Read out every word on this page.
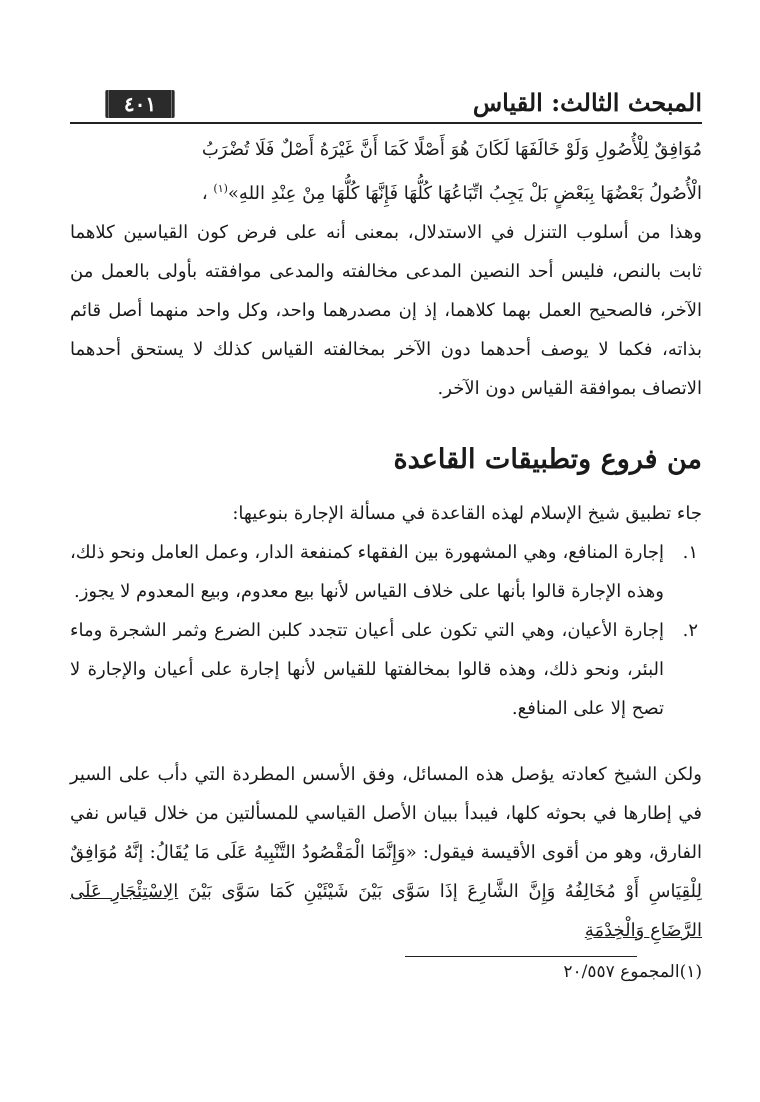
المبحث الثالث: القياس
٤٠١

مُوَافِقٌ لِلْأُصُولِ وَلَوْ خَالَفَهَا لَكَانَ هُوَ أَصْلًا كَمَا أَنَّ غَيْرَهُ أَصْلٌ فَلَا تُضْرَبُ

الْأُصُولُ بَعْضُهَا بِبَعْضٍ بَلْ يَجِبُ اتِّبَاعُهَا كُلُّهَا فَإِنَّهَا كُلُّهَا مِنْ عِنْدِ اللهِ»$^{(١)}$ ،

وهذا من أسلوب التنزل في الاستدلال، بمعنى أنه على فرض كون القياسين كلاهما ثابت بالنص، فليس أحد النصين المدعى مخالفته والمدعى موافقته بأولى بالعمل من الآخر، فالصحيح العمل بهما كلاهما، إذ إن مصدرهما واحد، وكل واحد منهما أصل قائم بذاته، فكما لا يوصف أحدهما دون الآخر بمخالفته القياس كذلك لا يستحق أحدهما الاتصاف بموافقة القياس دون الآخر.

من فروع وتطبيقات القاعدة
جاء تطبيق شيخ الإسلام لهذه القاعدة في مسألة الإجارة بنوعيها:
١.
إجارة المنافع، وهي المشهورة بين الفقهاء كمنفعة الدار، وعمل العامل ونحو ذلك، وهذه الإجارة قالوا بأنها على خلاف القياس لأنها بيع معدوم، وبيع المعدوم لا يجوز.
٢.
إجارة الأعيان، وهي التي تكون على أعيان تتجدد كلبن الضرع وثمر الشجرة وماء البئر، ونحو ذلك، وهذه قالوا بمخالفتها للقياس لأنها إجارة على أعيان والإجارة لا تصح إلا على المنافع.

ولكن الشيخ كعادته يؤصل هذه المسائل، وفق الأسس المطردة التي دأب على السير في إطارها في بحوثه كلها، فيبدأ ببيان الأصل القياسي للمسألتين من خلال قياس نفي الفارق، وهو من أقوى الأقيسة فيقول: «وَإِنَّمَا الْمَقْصُودُ التَّنْبِيهُ عَلَى مَا يُقَالُ: إنَّهُ مُوَافِقٌ لِلْقِيَاسِ أَوْ مُخَالِفُهُ وَإِنَّ الشَّارِعَ إذَا سَوَّى بَيْنَ شَيْئَيْنِ كَمَا سَوَّى بَيْنَ الِاسْتِئْجَارِ عَلَى الرَّضَاعِ وَالْخِدْمَةِ

(١)المجموع ٢٠/٥٥٧
